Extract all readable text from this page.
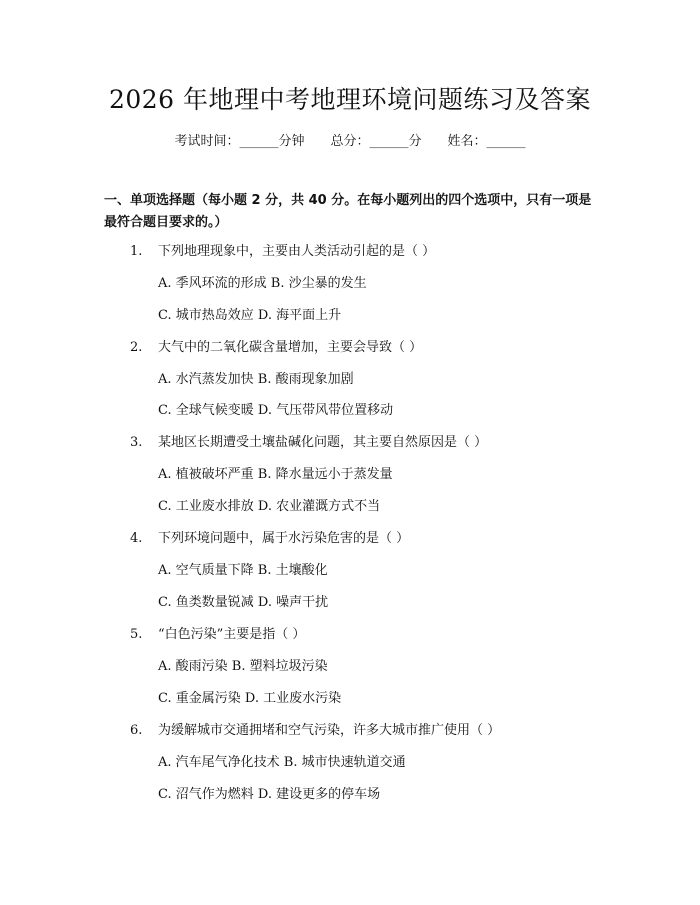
2026 年地理中考地理环境问题练习及答案
考试时间：______分钟 总分：______分 姓名：______
一、单项选择题（每小题 2 分，共 40 分。在每小题列出的四个选项中，只有一项是最符合题目要求的。）
1. 下列地理现象中，主要由人类活动引起的是（ ）
A. 季风环流的形成 B. 沙尘暴的发生
C. 城市热岛效应 D. 海平面上升
2. 大气中的二氧化碳含量增加，主要会导致（ ）
A. 水汽蒸发加快 B. 酸雨现象加剧
C. 全球气候变暖 D. 气压带风带位置移动
3. 某地区长期遭受土壤盐碱化问题，其主要自然原因是（ ）
A. 植被破坏严重 B. 降水量远小于蒸发量
C. 工业废水排放 D. 农业灌溉方式不当
4. 下列环境问题中，属于水污染危害的是（ ）
A. 空气质量下降 B. 土壤酸化
C. 鱼类数量锐减 D. 噪声干扰
5. “白色污染”主要是指（ ）
A. 酸雨污染 B. 塑料垃圾污染
C. 重金属污染 D. 工业废水污染
6. 为缓解城市交通拥堵和空气污染，许多大城市推广使用（ ）
A. 汽车尾气净化技术 B. 城市快速轨道交通
C. 沼气作为燃料 D. 建设更多的停车场
